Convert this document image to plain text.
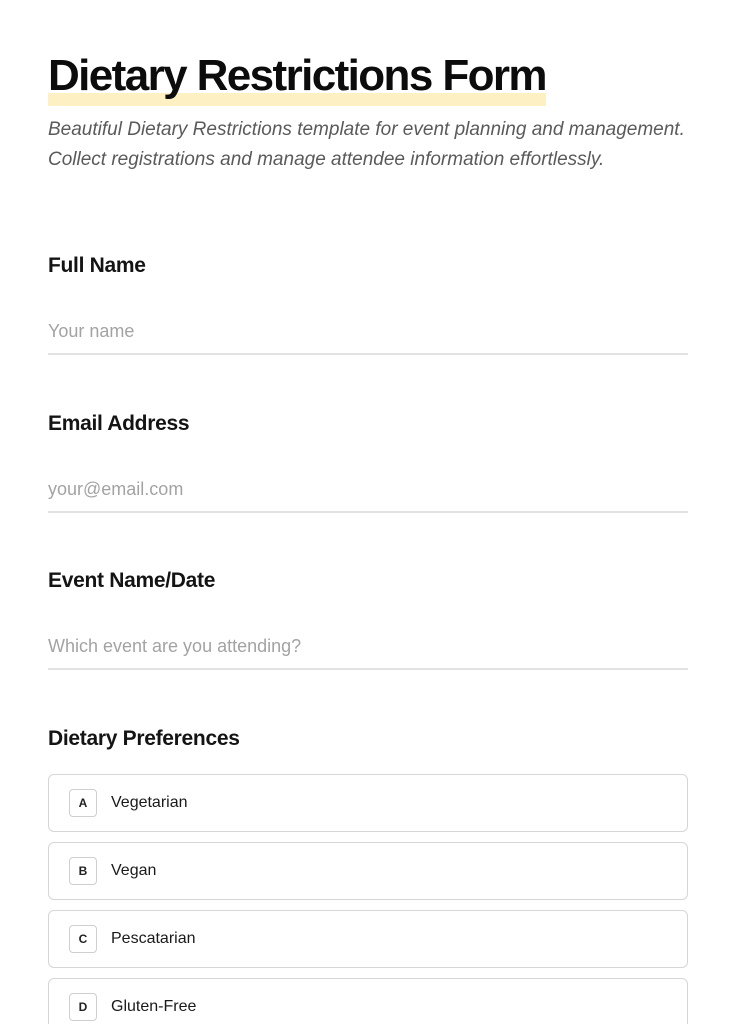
Dietary Restrictions Form

Beautiful Dietary Restrictions template for event planning and management. Collect registrations and manage attendee information effortlessly.

Full Name
Your name
Email Address
your@email.com
Event Name/Date
Which event are you attending?
Dietary Preferences
A	Vegetarian
B	Vegan
C	Pescatarian
D	Gluten-Free
